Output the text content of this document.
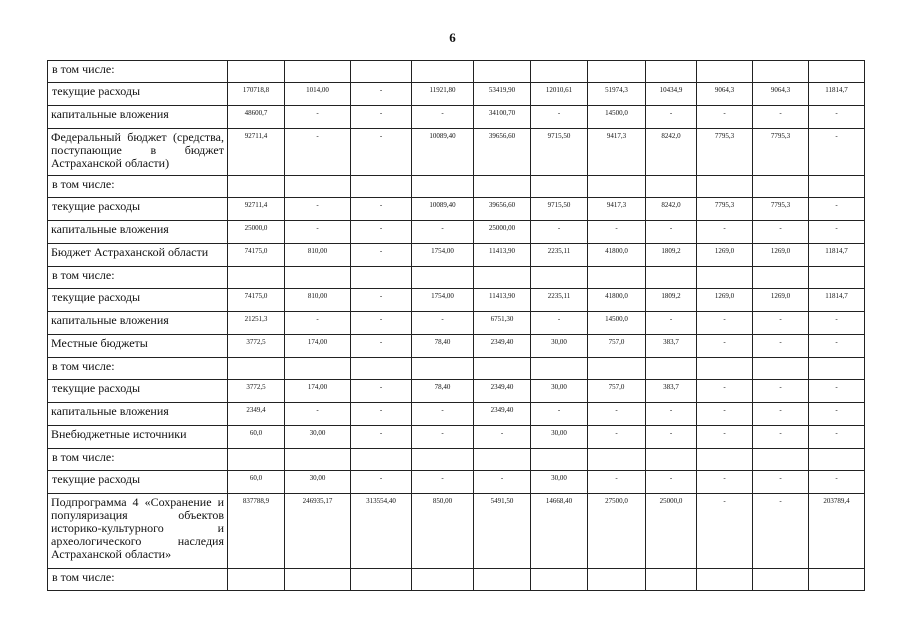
6
в том числе:											
текущие расходы	170718,8	1014,00	-	11921,80	53419,90	12010,61	51974,3	10434,9	9064,3	9064,3	11814,7
капитальные вложения	48600,7	-	-	-	34100,70	-	14500,0	-	-	-	-
Федеральный бюджет (средства, поступающие в бюджет Астраханской области)	92711,4	-	-	10089,40	39656,60	9715,50	9417,3	8242,0	7795,3	7795,3	-
в том числе:											
текущие расходы	92711,4	-	-	10089,40	39656,60	9715,50	9417,3	8242,0	7795,3	7795,3	-
капитальные вложения	25000,0	-	-	-	25000,00	-	-	-	-	-	-
Бюджет Астраханской области	74175,0	810,00	-	1754,00	11413,90	2235,11	41800,0	1809,2	1269,0	1269,0	11814,7
в том числе:											
текущие расходы	74175,0	810,00	-	1754,00	11413,90	2235,11	41800,0	1809,2	1269,0	1269,0	11814,7
капитальные вложения	21251,3	-	-	-	6751,30	-	14500,0	-	-	-	-
Местные бюджеты	3772,5	174,00	-	78,40	2349,40	30,00	757,0	383,7	-	-	-
в том числе:											
текущие расходы	3772,5	174,00	-	78,40	2349,40	30,00	757,0	383,7	-	-	-
капитальные вложения	2349,4	-	-	-	2349,40	-	-	-	-	-	-
Внебюджетные источники	60,0	30,00	-	-	-	30,00	-	-	-	-	-
в том числе:											
текущие расходы	60,0	30,00	-	-	-	30,00	-	-	-	-	-
Подпрограмма 4 «Сохранение и популяризация объектов историко-культурного и археологического наследия Астраханской области»	837788,9	246935,17	313554,40	850,00	5491,50	14668,40	27500,0	25000,0	-	-	203789,4
в том числе:											
